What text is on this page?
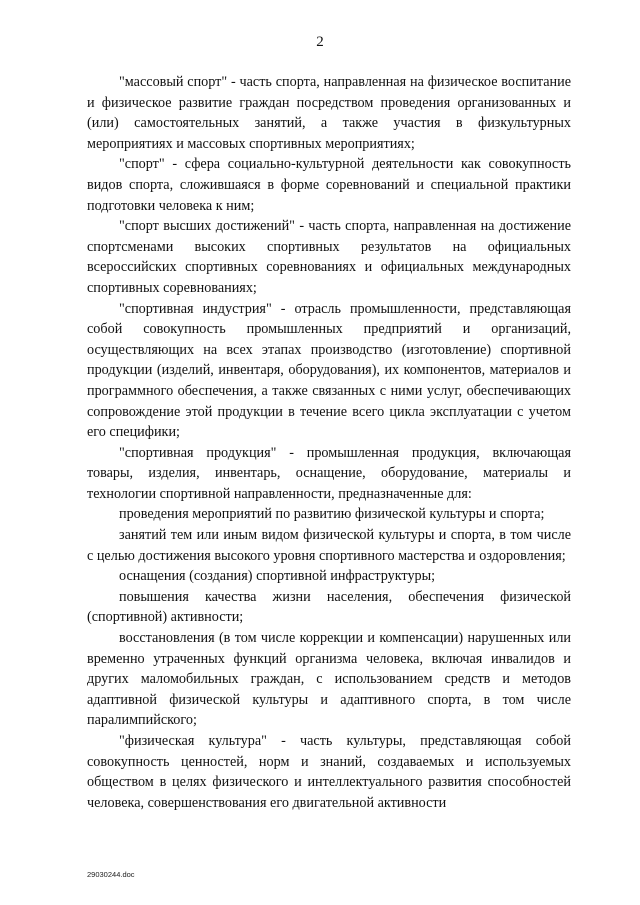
2

"массовый спорт" - часть спорта, направленная на физическое воспитание и физическое развитие граждан посредством проведения организованных и (или) самостоятельных занятий, а также участия в физкультурных мероприятиях и массовых спортивных мероприятиях;

"спорт" - сфера социально-культурной деятельности как совокупность видов спорта, сложившаяся в форме соревнований и специальной практики подготовки человека к ним;

"спорт высших достижений" - часть спорта, направленная на достижение спортсменами высоких спортивных результатов на официальных всероссийских спортивных соревнованиях и официальных международных спортивных соревнованиях;

"спортивная индустрия" - отрасль промышленности, представляющая собой совокупность промышленных предприятий и организаций, осуществляющих на всех этапах производство (изготовление) спортивной продукции (изделий, инвентаря, оборудования), их компонентов, материалов и программного обеспечения, а также связанных с ними услуг, обеспечивающих сопровождение этой продукции в течение всего цикла эксплуатации с учетом его специфики;

"спортивная продукция" - промышленная продукция, включающая товары, изделия, инвентарь, оснащение, оборудование, материалы и технологии спортивной направленности, предназначенные для:

проведения мероприятий по развитию физической культуры и спорта;

занятий тем или иным видом физической культуры и спорта, в том числе с целью достижения высокого уровня спортивного мастерства и оздоровления;

оснащения (создания) спортивной инфраструктуры;

повышения качества жизни населения, обеспечения физической (спортивной) активности;

восстановления (в том числе коррекции и компенсации) нарушенных или временно утраченных функций организма человека, включая инвалидов и других маломобильных граждан, с использованием средств и методов адаптивной физической культуры и адаптивного спорта, в том числе паралимпийского;

"физическая культура" - часть культуры, представляющая собой совокупность ценностей, норм и знаний, создаваемых и используемых обществом в целях физического и интеллектуального развития способностей человека, совершенствования его двигательной активности

29030244.doc
